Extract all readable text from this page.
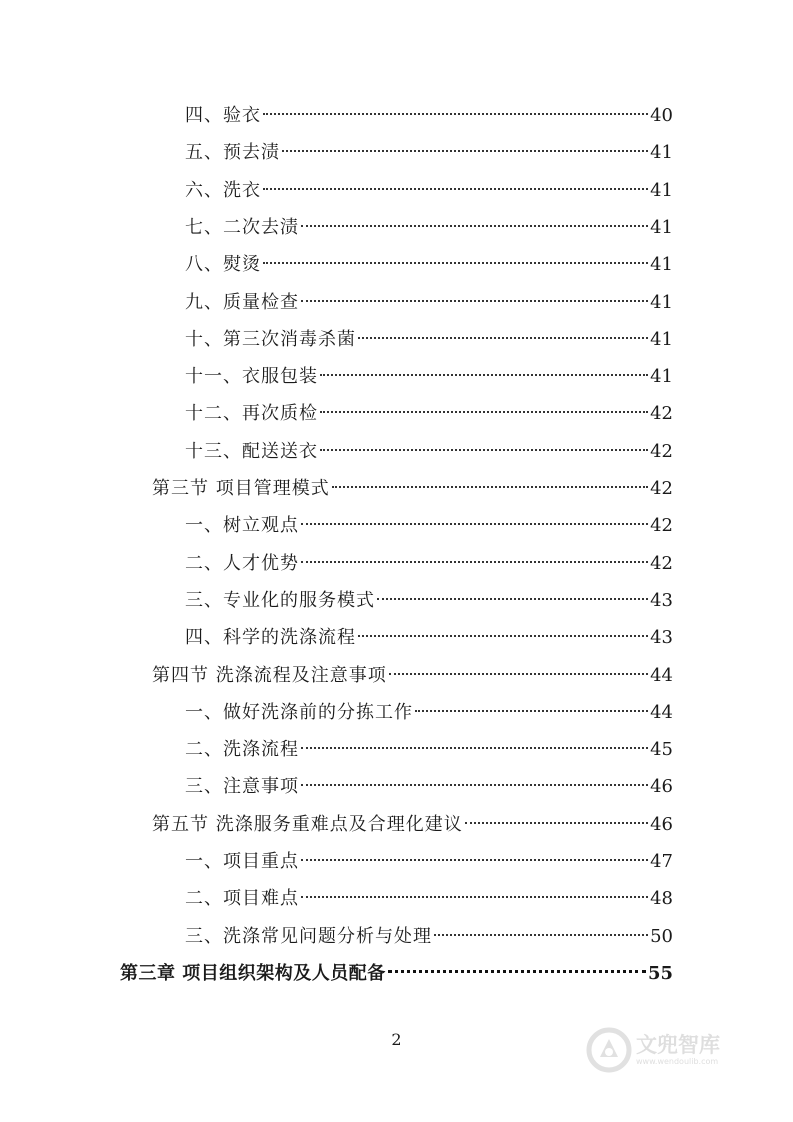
四、验衣	40
五、预去渍	41
六、洗衣	41
七、二次去渍	41
八、熨烫	41
九、质量检查	41
十、第三次消毒杀菌	41
十一、衣服包装	41
十二、再次质检	42
十三、配送送衣	42
第三节 项目管理模式	42
一、树立观点	42
二、人才优势	42
三、专业化的服务模式	43
四、科学的洗涤流程	43
第四节 洗涤流程及注意事项	44
一、做好洗涤前的分拣工作	44
二、洗涤流程	45
三、注意事项	46
第五节 洗涤服务重难点及合理化建议	46
一、项目重点	47
二、项目难点	48
三、洗涤常见问题分析与处理	50
第三章 项目组织架构及人员配备	55
2	文兜智库
www.wendoulib.com
